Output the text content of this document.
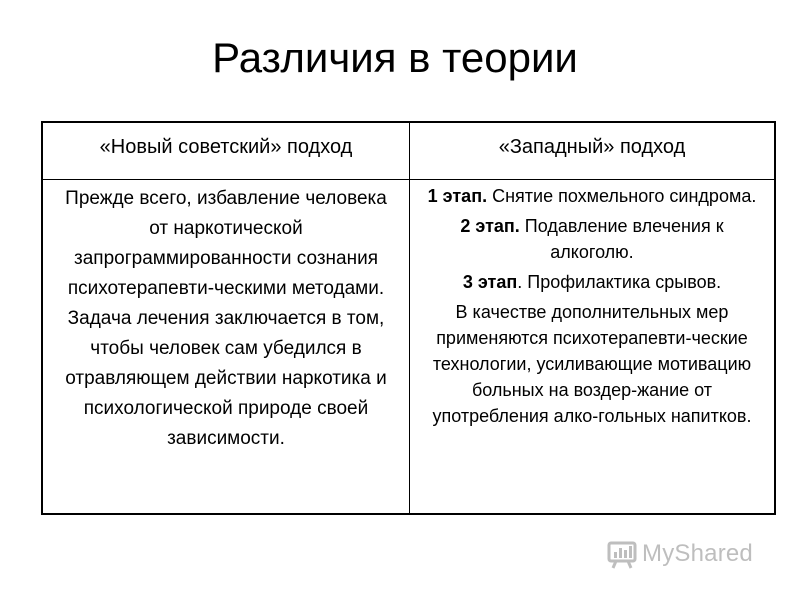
Различия в теории
«Новый советский» подход	«Западный» подход
Прежде всего, избавление человека от наркотической запрограммированности сознания психотерапевти-ческими методами. Задача лечения заключается в том, чтобы человек сам убедился в отравляющем действии наркотика и психологической природе своей зависимости.

1 этап. Снятие похмельного синдрома.

2 этап. Подавление влечения к алкоголю.

3 этап. Профилактика срывов.

В качестве дополнительных мер применяются психотерапевти-ческие технологии, усиливающие мотивацию больных на воздер-жание от употребления алко-гольных напитков.

MyShared
